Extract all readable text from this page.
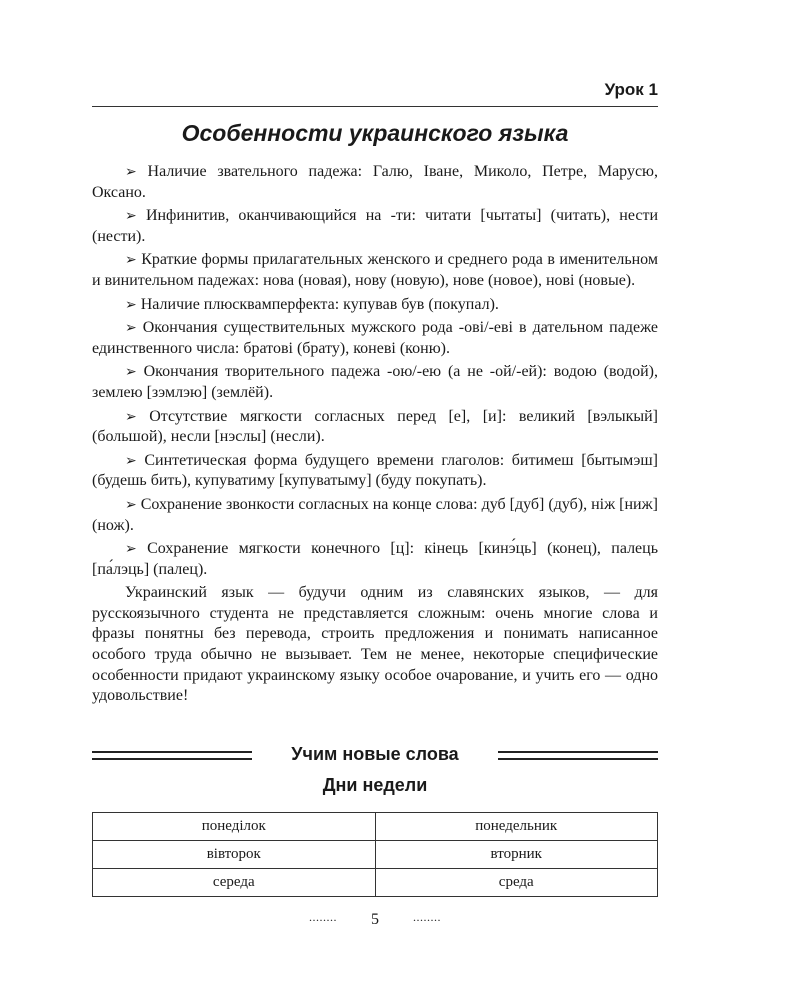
Урок 1
Особенности украинского языка

➢ Наличие звательного падежа: Галю, Іване, Миколо, Петре, Марусю, Оксано.

➢ Инфинитив, оканчивающийся на -ти: читати [чытаты] (читать), нести (нести).

➢ Краткие формы прилагательных женского и среднего рода в именительном и винительном падежах: нова (новая), нову (новую), нове (новое), нові (новые).

➢ Наличие плюсквамперфекта: купував був (покупал).

➢ Окончания существительных мужского рода -ові/-еві в дательном падеже единственного числа: братові (брату), коневі (коню).

➢ Окончания творительного падежа -ою/-ею (а не -ой/-ей): водою (водой), землею [зэмлэю] (землёй).

➢ Отсутствие мягкости согласных перед [е], [и]: великий [вэлыкый] (большой), несли [нэслы] (несли).

➢ Синтетическая форма будущего времени глаголов: битимеш [бытымэш] (будешь бить), купуватиму [купуватыму] (буду покупать).

➢ Сохранение звонкости согласных на конце слова: дуб [дуб] (дуб), ніж [ниж] (нож).

➢ Сохранение мягкости конечного [ц]: кінець [кинэ́ць] (конец), палець [па́лэць] (палец).

Украинский язык — будучи одним из славянских языков, — для русскоязычного студента не представляется сложным: очень многие слова и фразы понятны без перевода, строить предложения и понимать написанное особого труда обычно не вызывает. Тем не менее, некоторые специфические особенности придают украинскому языку особое очарование, и учить его — одно удовольствие!

Учим новые слова
Дни недели
понеділок	понедельник
вівторок	вторник
середа	среда
........ 5	........
